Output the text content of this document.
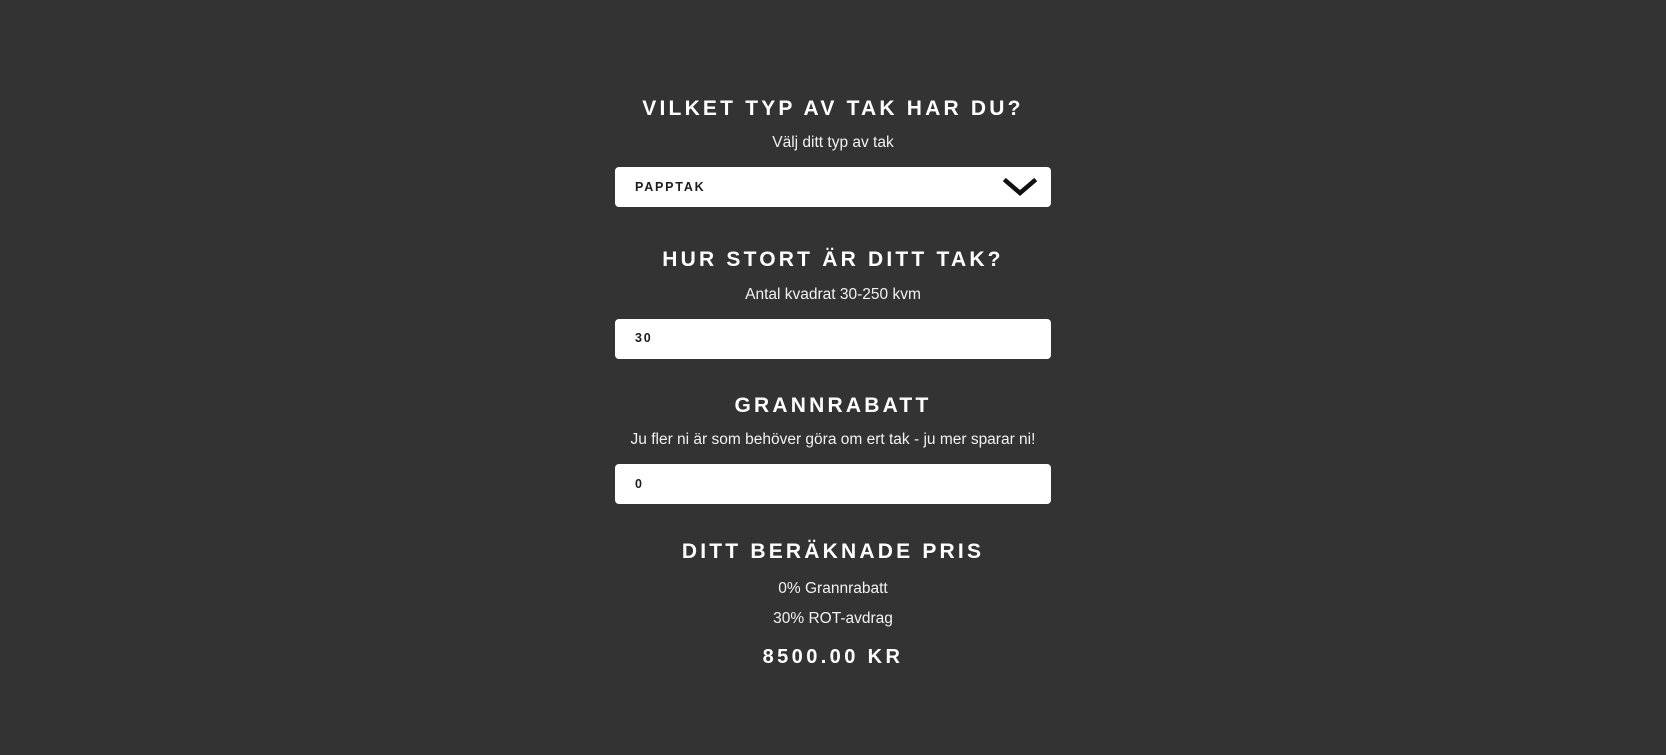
VILKET TYP AV TAK HAR DU?
Välj ditt typ av tak
PAPPTAK
HUR STORT ÄR DITT TAK?
Antal kvadrat 30-250 kvm
30
GRANNRABATT
Ju fler ni är som behöver göra om ert tak - ju mer sparar ni!
0
DITT BERÄKNADE PRIS
0% Grannrabatt
30% ROT-avdrag
8500.00 KR
